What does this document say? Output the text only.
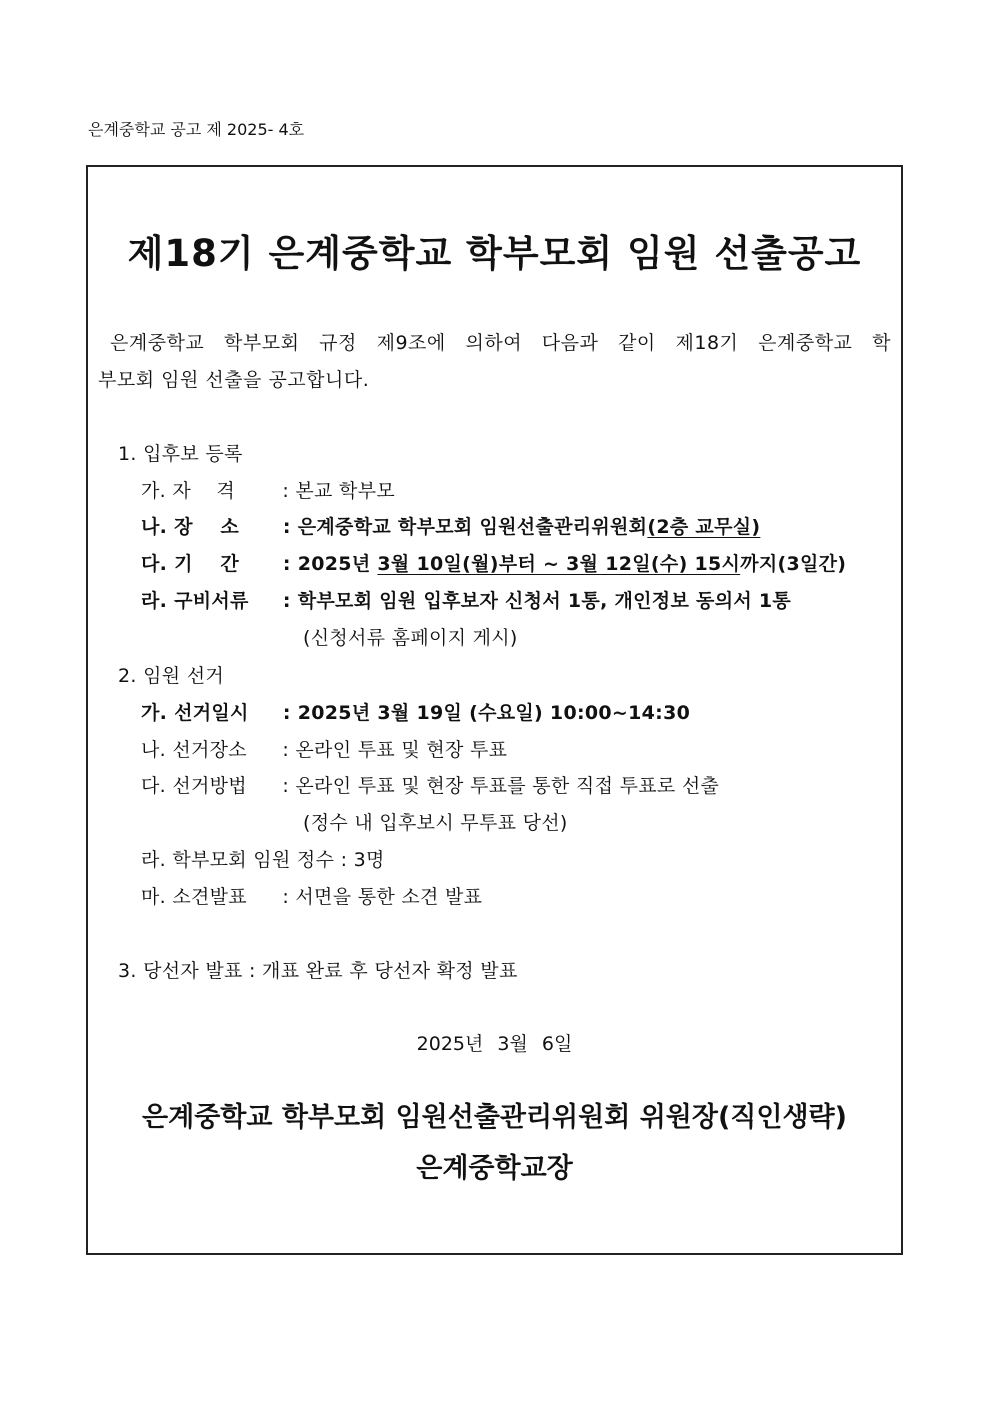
은계중학교 공고 제 2025- 4호
제18기 은계중학교 학부모회 임원 선출공고
은계중학교 학부모회 규정 제9조에 의하여 다음과 같이 제18기 은계중학교 학
부모회 임원 선출을 공고합니다.
1. 입후보 등록
가. 자    격 : 본교 학부모
나. 장    소 : 은계중학교 학부모회 임원선출관리위원회(2층 교무실)
다. 기    간 : 2025년 3월 10일(월)부터 ~ 3월 12일(수) 15시까지(3일간)
라. 구비서류 : 학부모회 임원 입후보자 신청서 1통, 개인정보 동의서 1통
(신청서류 홈페이지 게시)
2. 임원 선거
가. 선거일시 : 2025년 3월 19일 (수요일) 10:00~14:30
나. 선거장소 : 온라인 투표 및 현장 투표
다. 선거방법 : 온라인 투표 및 현장 투표를 통한 직접 투표로 선출
(정수 내 입후보시 무투표 당선)
라. 학부모회 임원 정수 : 3명
마. 소견발표 : 서면을 통한 소견 발표
3. 당선자 발표 : 개표 완료 후 당선자 확정 발표
2025년 3월 6일
은계중학교 학부모회 임원선출관리위원회 위원장(직인생략)
은계중학교장
